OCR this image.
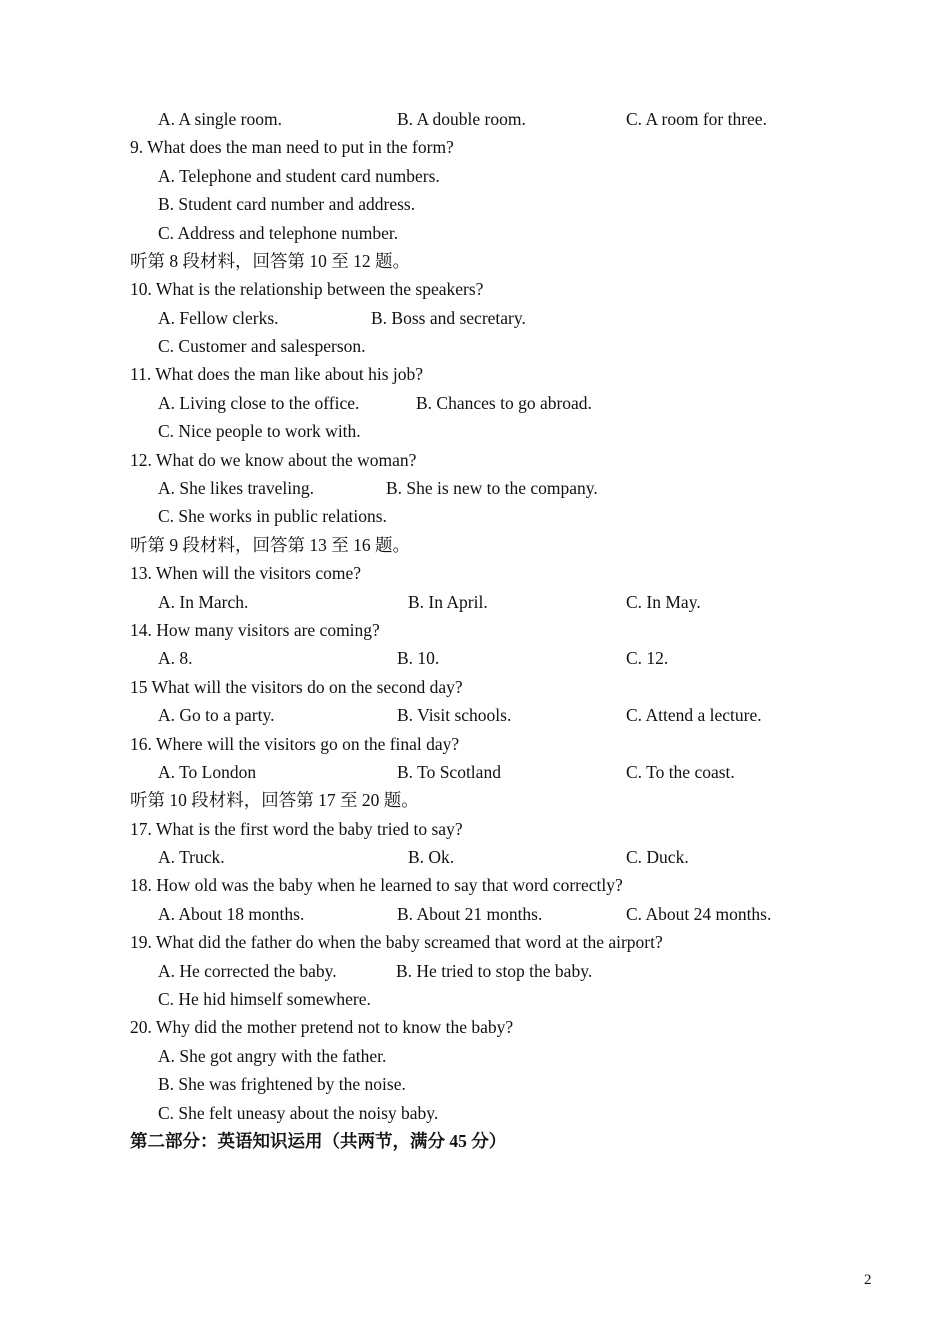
A. A single room.	B. A double room.	C. A room for three.
9. What does the man need to put in the form?
A. Telephone and student card numbers.
B. Student card number and address.
C. Address and telephone number.
听第 8 段材料，回答第 10 至 12 题。
10. What is the relationship between the speakers?
A. Fellow clerks.	B. Boss and secretary.
C. Customer and salesperson.
11. What does the man like about his job?
A. Living close to the office.	B. Chances to go abroad.
C. Nice people to work with.
12. What do we know about the woman?
A. She likes traveling.	B. She is new to the company.
C. She works in public relations.
听第 9 段材料，回答第 13 至 16 题。
13. When will the visitors come?
A. In March.	B. In April.	C. In May.
14. How many visitors are coming?
A. 8.	B. 10.	C. 12.
15 What will the visitors do on the second day?
A. Go to a party.	B. Visit schools.	C. Attend a lecture.
16. Where will the visitors go on the final day?
A. To London	B. To Scotland	C. To the coast.
听第 10 段材料，回答第 17 至 20 题。
17. What is the first word the baby tried to say?
A. Truck.	B. Ok.	C. Duck.
18. How old was the baby when he learned to say that word correctly?
A. About 18 months.	B. About 21 months.	C. About 24 months.
19. What did the father do when the baby screamed that word at the airport?
A. He corrected the baby.	B. He tried to stop the baby.
C. He hid himself somewhere.
20. Why did the mother pretend not to know the baby?
A. She got angry with the father.
B. She was frightened by the noise.
C. She felt uneasy about the noisy baby.
第二部分：英语知识运用（共两节，满分 45 分）
2
